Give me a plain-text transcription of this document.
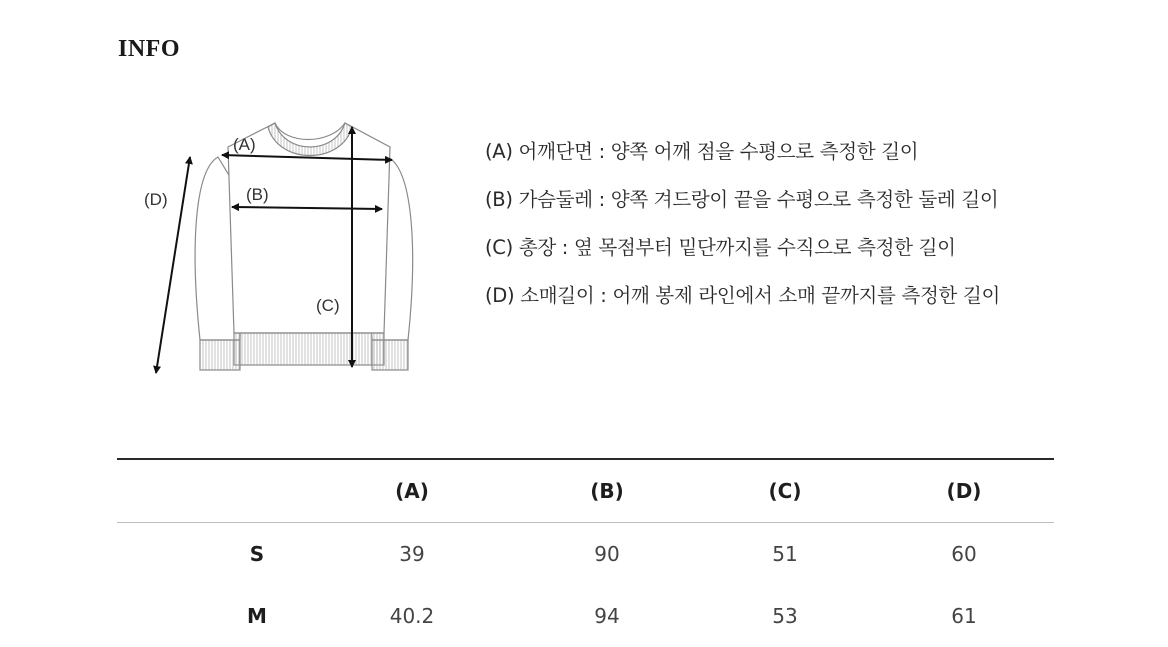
INFO
(A)
(B)
(C)
(D)
(A) 어깨단면 : 양쪽 어깨 점을 수평으로 측정한 길이
(B) 가슴둘레 : 양쪽 겨드랑이 끝을 수평으로 측정한 둘레 길이
(C) 총장 : 옆 목점부터 밑단까지를 수직으로 측정한 길이
(D) 소매길이 : 어깨 봉제 라인에서 소매 끝까지를 측정한 길이
(A)	(B)	(C)	(D)
S	39	90	51	60
M	40.2	94	53	61
